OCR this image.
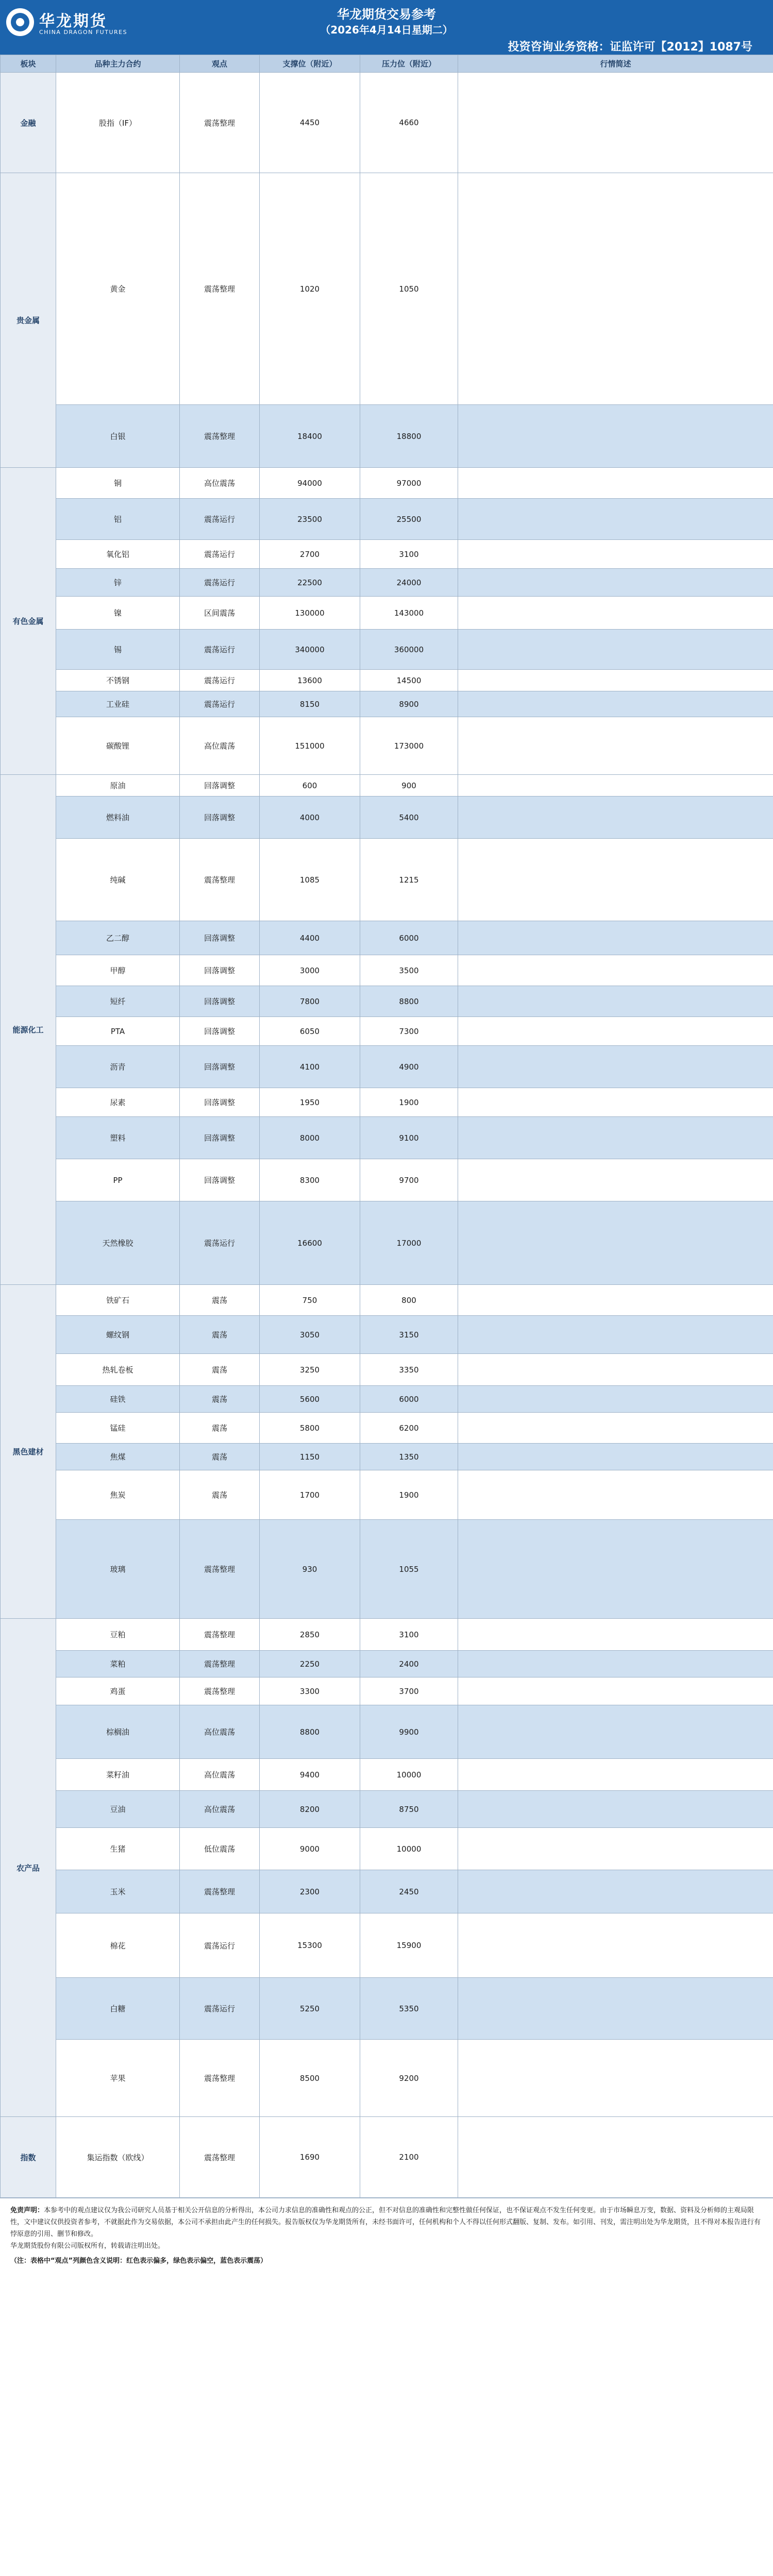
华龙期货
CHINA DRAGON FUTURES
华龙期货交易参考
（2026年4月14日星期二）
投资咨询业务资格：证监许可【2012】1087号
板块	品种主力合约	观点	支撑位（附近）	压力位（附近）	行情简述
金融	股指（IF）	震荡整理	4450	4660	
贵金属	黄金	震荡整理	1020	1050	
	白银	震荡整理	18400	18800	
有色金属	铜	高位震荡	94000	97000	
	铝	震荡运行	23500	25500	
	氧化铝	震荡运行	2700	3100	
	锌	震荡运行	22500	24000	
	镍	区间震荡	130000	143000	
	锡	震荡运行	340000	360000	
	不锈钢	震荡运行	13600	14500	
	工业硅	震荡运行	8150	8900	
	碳酸锂	高位震荡	151000	173000	
能源化工	原油	回落调整	600	900	
	燃料油	回落调整	4000	5400	
	纯碱	震荡整理	1085	1215	
	乙二醇	回落调整	4400	6000	
	甲醇	回落调整	3000	3500	
	短纤	回落调整	7800	8800	
	PTA	回落调整	6050	7300	
	沥青	回落调整	4100	4900	
	尿素	回落调整	1950	1900	
	塑料	回落调整	8000	9100	
	PP	回落调整	8300	9700	
	天然橡胶	震荡运行	16600	17000	
黑色建材	铁矿石	震荡	750	800	
	螺纹钢	震荡	3050	3150	
	热轧卷板	震荡	3250	3350	
	硅铁	震荡	5600	6000	
	锰硅	震荡	5800	6200	
	焦煤	震荡	1150	1350	
	焦炭	震荡	1700	1900	
	玻璃	震荡整理	930	1055	
农产品	豆粕	震荡整理	2850	3100	
	菜粕	震荡整理	2250	2400	
	鸡蛋	震荡整理	3300	3700	
	棕榈油	高位震荡	8800	9900	
	菜籽油	高位震荡	9400	10000	
	豆油	高位震荡	8200	8750	
	生猪	低位震荡	9000	10000	
	玉米	震荡整理	2300	2450	
	棉花	震荡运行	15300	15900	
	白糖	震荡运行	5250	5350	
	苹果	震荡整理	8500	9200	
指数	集运指数（欧线）	震荡整理	1690	2100	

免责声明：本参考中的观点建议仅为我公司研究人员基于相关公开信息的分析得出，本公司力求信息的准确性和观点的公正，但不对信息的准确性和完整性做任何保证，也不保证观点不发生任何变更。由于市场瞬息万变，数据、资料及分析师的主观局限性，文中建议仅供投资者参考，不就据此作为交易依据，本公司不承担由此产生的任何损失。报告版权仅为华龙期货所有，未经书面许可，任何机构和个人不得以任何形式翻版、复制、发布。如引用、刊发，需注明出处为华龙期货，且不得对本报告进行有悖原意的引用、删节和修改。

华龙期货股份有限公司版权所有，转载请注明出处。

（注：表格中“观点”列颜色含义说明：红色表示偏多，绿色表示偏空，蓝色表示震荡）
